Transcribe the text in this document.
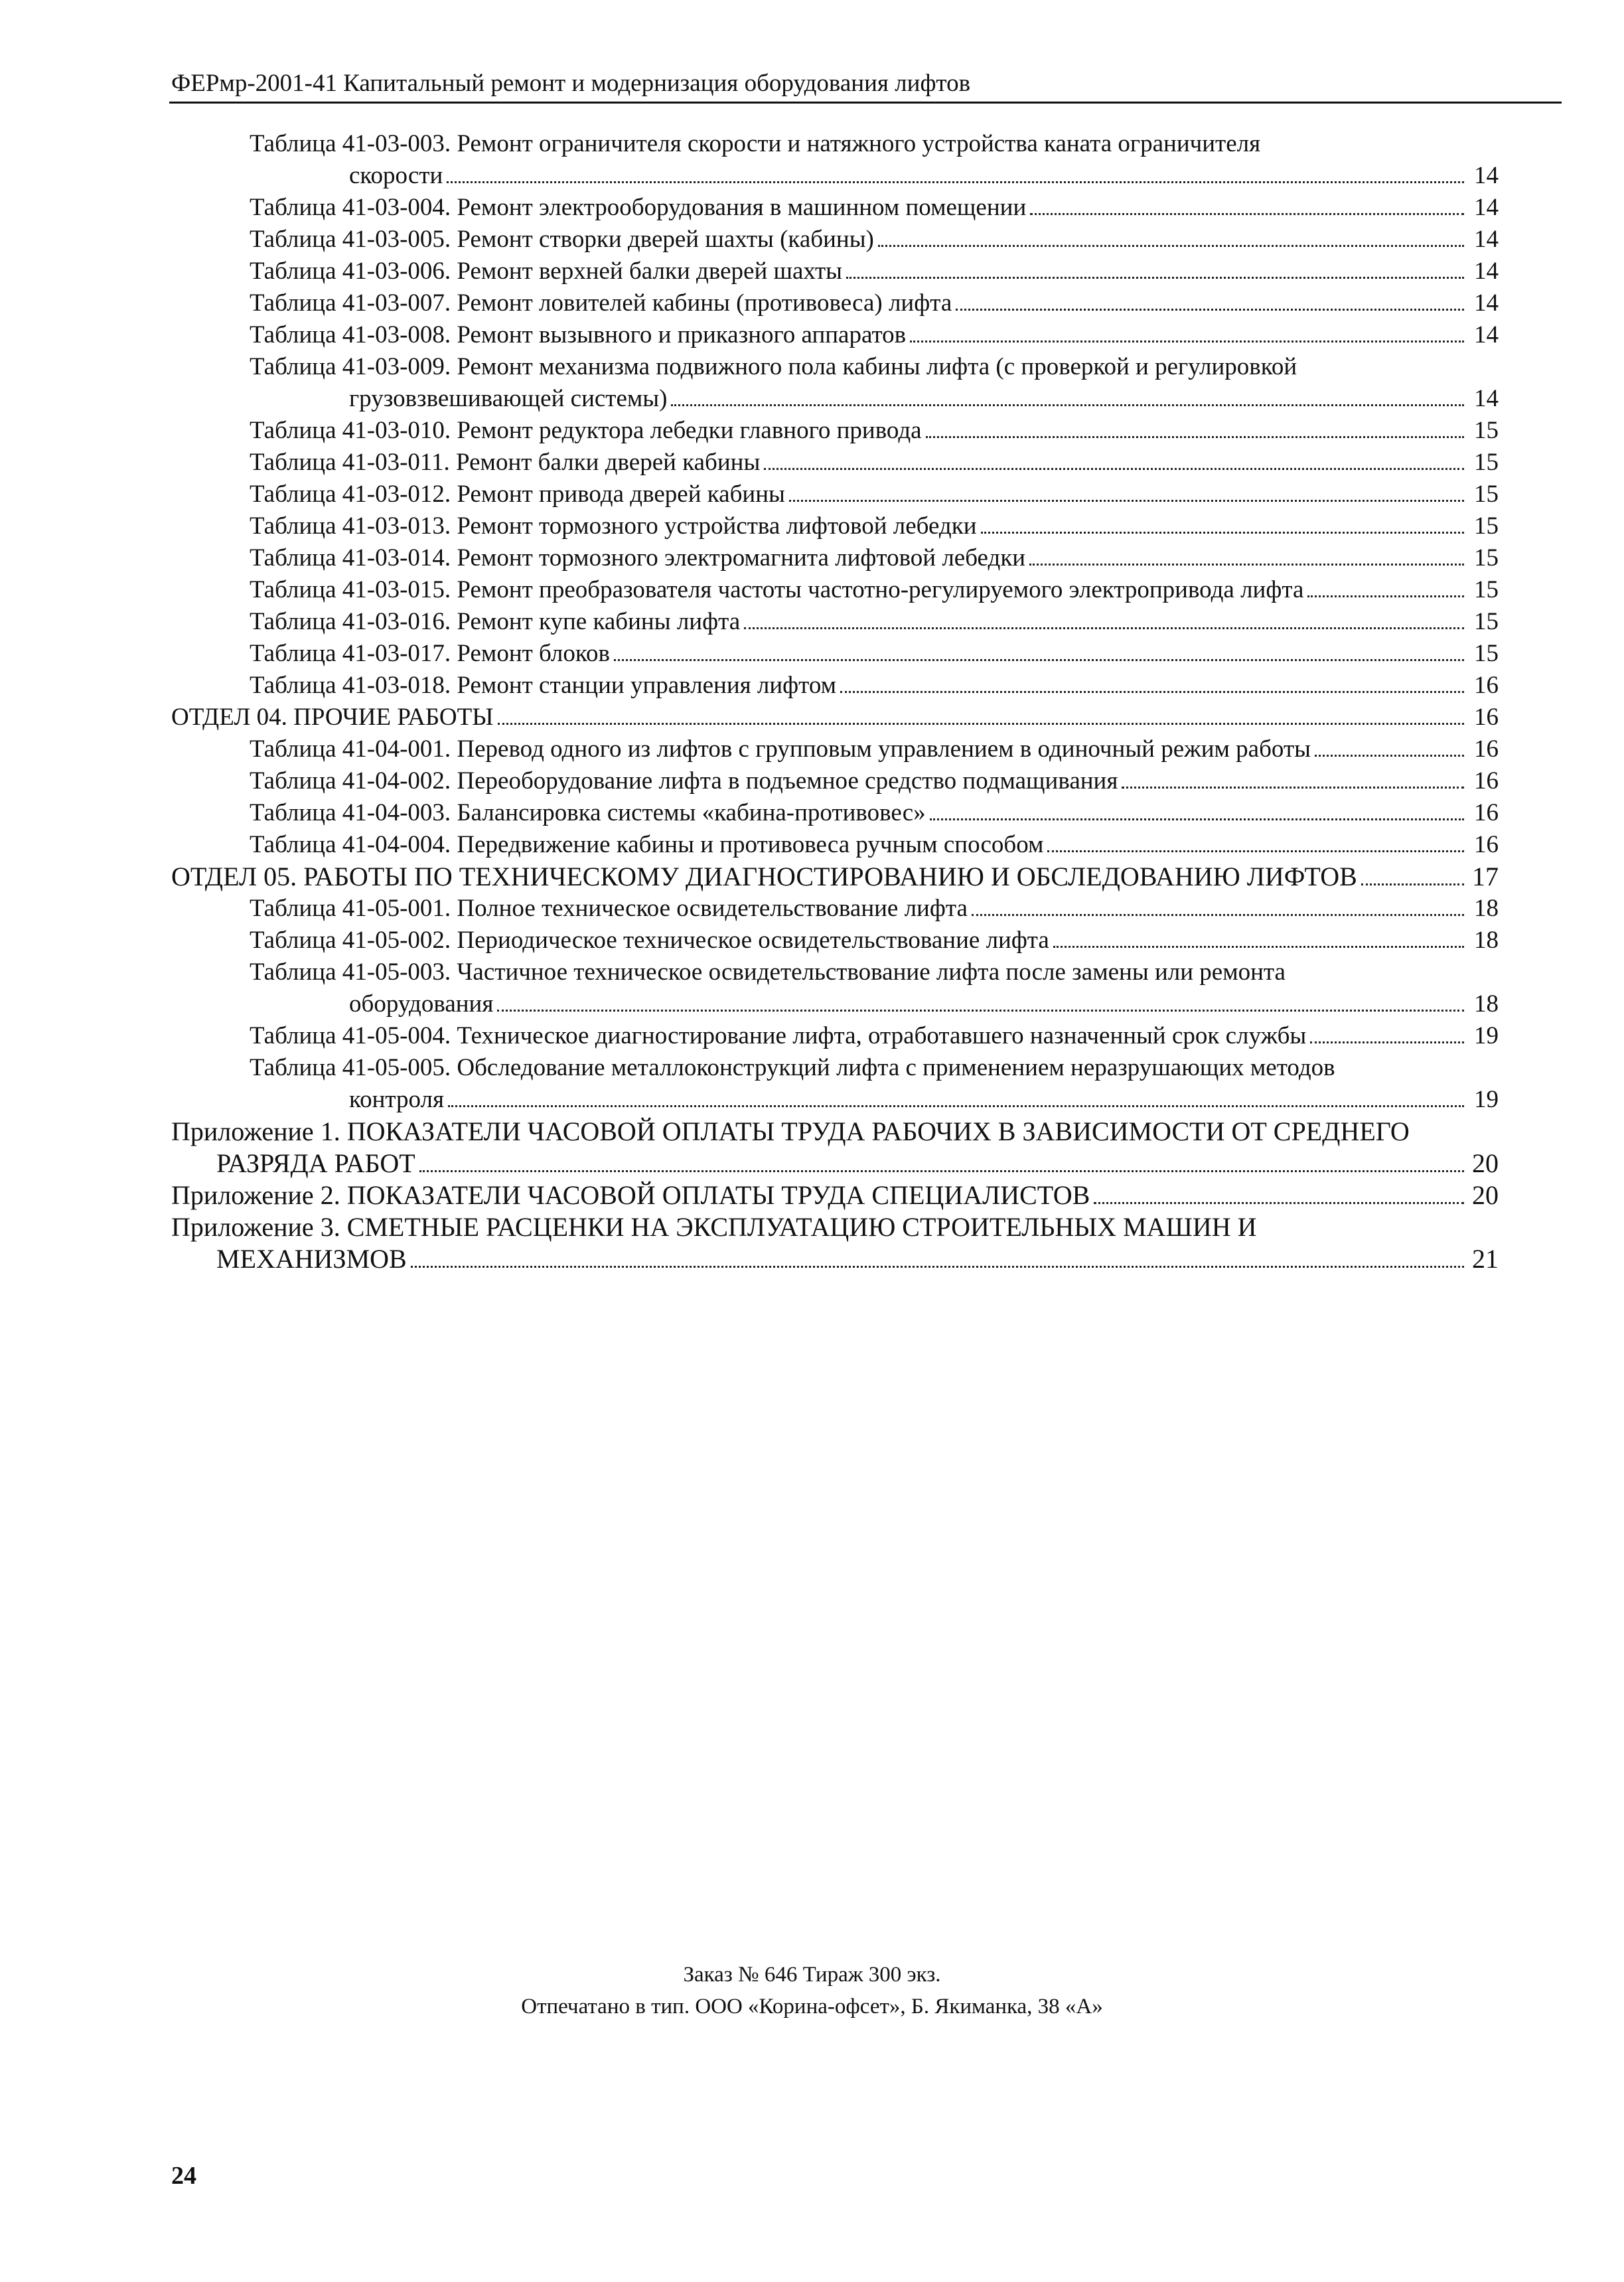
ФЕРмр-2001-41 Капитальный ремонт и модернизация оборудования лифтов
Таблица 41-03-003. Ремонт ограничителя скорости и натяжного устройства каната ограничителя
скорости	14
Таблица 41-03-004. Ремонт электрооборудования в машинном помещении	14
Таблица 41-03-005. Ремонт створки дверей шахты (кабины)	14
Таблица 41-03-006. Ремонт верхней балки дверей шахты	14
Таблица 41-03-007. Ремонт ловителей кабины (противовеса) лифта	14
Таблица 41-03-008. Ремонт вызывного и приказного аппаратов	14
Таблица 41-03-009. Ремонт механизма подвижного пола кабины лифта (с проверкой и регулировкой
грузовзвешивающей системы)	14
Таблица 41-03-010. Ремонт редуктора лебедки главного привода	15
Таблица 41-03-011. Ремонт балки дверей кабины	15
Таблица 41-03-012. Ремонт привода дверей кабины	15
Таблица 41-03-013. Ремонт тормозного устройства лифтовой лебедки	15
Таблица 41-03-014. Ремонт тормозного электромагнита лифтовой лебедки	15
Таблица 41-03-015. Ремонт преобразователя частоты частотно-регулируемого электропривода лифта	15
Таблица 41-03-016. Ремонт купе кабины лифта	15
Таблица 41-03-017. Ремонт блоков	15
Таблица 41-03-018. Ремонт станции управления лифтом	16
ОТДЕЛ 04. ПРОЧИЕ РАБОТЫ	16
Таблица 41-04-001. Перевод одного из лифтов с групповым управлением в одиночный режим работы	16
Таблица 41-04-002. Переоборудование лифта в подъемное средство подмащивания	16
Таблица 41-04-003. Балансировка системы «кабина-противовес»	16
Таблица 41-04-004. Передвижение кабины и противовеса ручным способом	16
ОТДЕЛ 05. РАБОТЫ ПО ТЕХНИЧЕСКОМУ ДИАГНОСТИРОВАНИЮ И ОБСЛЕДОВАНИЮ ЛИФТОВ	17
Таблица 41-05-001. Полное техническое освидетельствование лифта	18
Таблица 41-05-002. Периодическое техническое освидетельствование лифта	18
Таблица 41-05-003. Частичное техническое освидетельствование лифта после замены или ремонта
оборудования	18
Таблица 41-05-004. Техническое диагностирование лифта, отработавшего назначенный срок службы	19
Таблица 41-05-005. Обследование металлоконструкций лифта с применением неразрушающих методов
контроля	19
Приложение 1. ПОКАЗАТЕЛИ ЧАСОВОЙ ОПЛАТЫ ТРУДА РАБОЧИХ В ЗАВИСИМОСТИ ОТ СРЕДНЕГО
РАЗРЯДА РАБОТ	20
Приложение 2. ПОКАЗАТЕЛИ ЧАСОВОЙ ОПЛАТЫ ТРУДА СПЕЦИАЛИСТОВ	20
Приложение 3. СМЕТНЫЕ РАСЦЕНКИ НА ЭКСПЛУАТАЦИЮ СТРОИТЕЛЬНЫХ МАШИН И
МЕХАНИЗМОВ	21
Заказ № 646 Тираж 300 экз.
Отпечатано в тип. ООО «Корина-офсет», Б. Якиманка, 38 «А»
24
